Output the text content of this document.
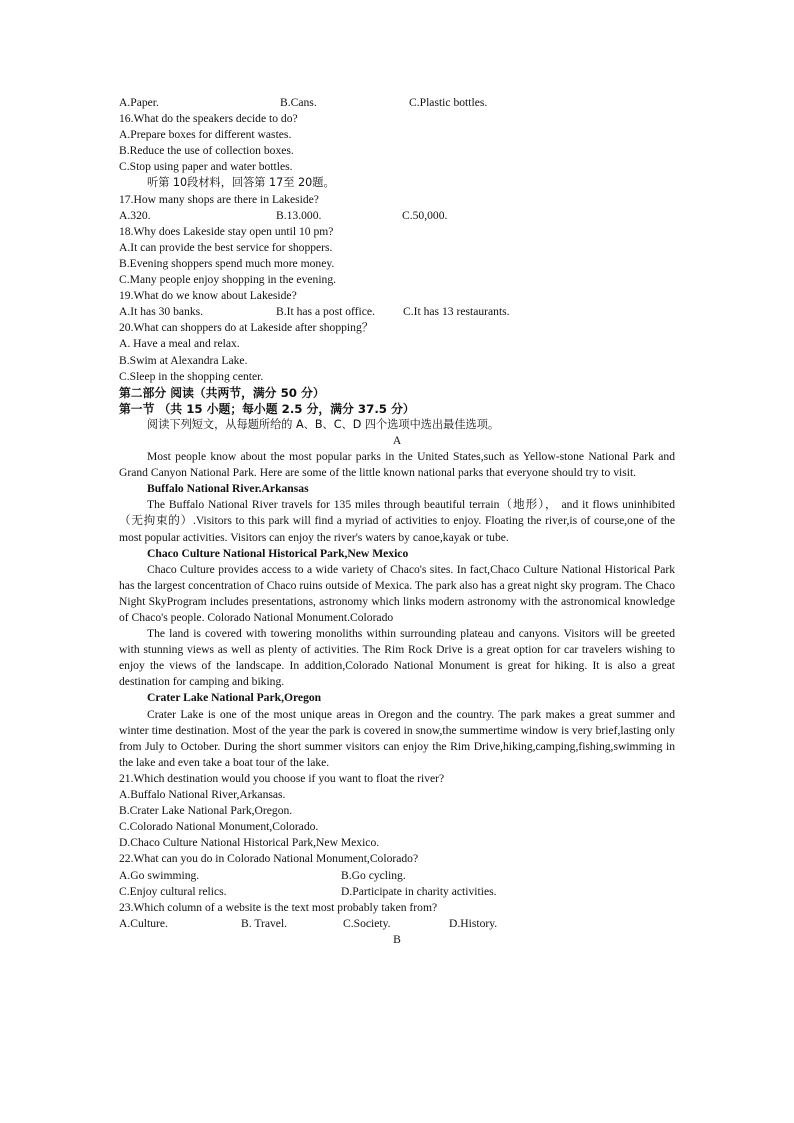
A.Paper.	B.Cans.	C.Plastic bottles.

16.What do the speakers decide to do?

A.Prepare boxes for different wastes.

B.Reduce the use of collection boxes.

C.Stop using paper and water bottles.

听第 10段材料，回答第 17至 20题。

17.How many shops are there in Lakeside?

A.320.	B.13.000.	C.50,000.

18.Why does Lakeside stay open until 10 pm?

A.It can provide the best service for shoppers.

B.Evening shoppers spend much more money.

C.Many people enjoy shopping in the evening.

19.What do we know about Lakeside?

A.It has 30 banks.	B.It has a post office.	C.It has 13 restaurants.

20.What can shoppers do at Lakeside after shopping？

A. Have a meal and relax.

B.Swim at Alexandra Lake.

C.Sleep in the shopping center.

第二部分 阅读（共两节，满分 50 分）

第一节 （共 15 小题；每小题 2.5 分，满分 37.5 分）

阅读下列短文，从每题所给的 A、B、C、D 四个选项中选出最佳选项。

A

Most people know about the most popular parks in the United States,such as Yellow-stone National Park and Grand Canyon National Park. Here are some of the little known national parks that everyone should try to visit.

Buffalo National River.Arkansas

The Buffalo National River travels for 135 miles through beautiful terrain（地形）， and it flows uninhibited （无拘束的）.Visitors to this park will find a myriad of activities to enjoy. Floating the river,is of course,one of the most popular activities. Visitors can enjoy the river's waters by canoe,kayak or tube.

Chaco Culture National Historical Park,New Mexico

Chaco Culture provides access to a wide variety of Chaco's sites. In fact,Chaco Culture National Historical Park has the largest concentration of Chaco ruins outside of Mexica. The park also has a great night sky program. The Chaco Night SkyProgram includes presentations, astronomy which links modern astronomy with the astronomical knowledge of Chaco's people. Colorado National Monument.Colorado

The land is covered with towering monoliths within surrounding plateau and canyons. Visitors will be greeted with stunning views as well as plenty of activities. The Rim Rock Drive is a great option for car travelers wishing to enjoy the views of the landscape. In addition,Colorado National Monument is great for hiking. It is also a great destination for camping and biking.

Crater Lake National Park,Oregon

Crater Lake is one of the most unique areas in Oregon and the country. The park makes a great summer and winter time destination. Most of the year the park is covered in snow,the summertime window is very brief,lasting only from July to October. During the short summer visitors can enjoy the Rim Drive,hiking,camping,fishing,swimming in the lake and even take a boat tour of the lake.

21.Which destination would you choose if you want to float the river?

A.Buffalo National River,Arkansas.

B.Crater Lake National Park,Oregon.

C.Colorado National Monument,Colorado.

D.Chaco Culture National Historical Park,New Mexico.

22.What can you do in Colorado National Monument,Colorado?

A.Go swimming.	B.Go cycling.
C.Enjoy cultural relics.	D.Participate in charity activities.

23.Which column of a website is the text most probably taken from?

A.Culture.	B. Travel.	C.Society.	D.History.

B
